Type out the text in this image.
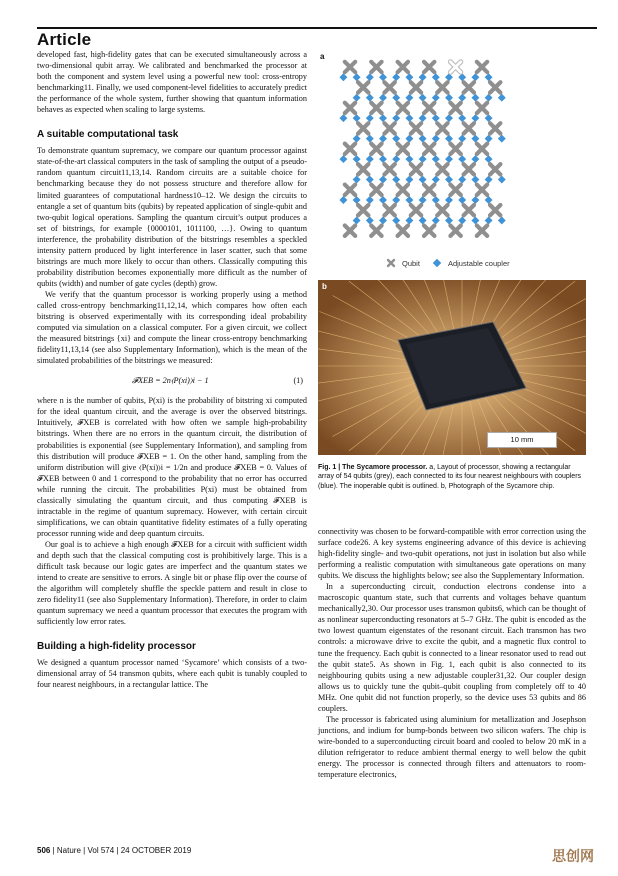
Article

developed fast, high-fidelity gates that can be executed simultaneously across a two-dimensional qubit array. We calibrated and benchmarked the processor at both the component and system level using a powerful new tool: cross-entropy benchmarking11. Finally, we used component-level fidelities to accurately predict the performance of the whole system, further showing that quantum information behaves as expected when scaling to large systems.

A suitable computational task

To demonstrate quantum supremacy, we compare our quantum processor against state-of-the-art classical computers in the task of sampling the output of a pseudo-random quantum circuit11,13,14. Random circuits are a suitable choice for benchmarking because they do not possess structure and therefore allow for limited guarantees of computational hardness10–12. We design the circuits to entangle a set of quantum bits (qubits) by repeated application of single-qubit and two-qubit logical operations. Sampling the quantum circuit’s output produces a set of bitstrings, for example {0000101, 1011100, …}. Owing to quantum interference, the probability distribution of the bitstrings resembles a speckled intensity pattern produced by light interference in laser scatter, such that some bitstrings are much more likely to occur than others. Classically computing this probability distribution becomes exponentially more difficult as the number of qubits (width) and number of gate cycles (depth) grow.

We verify that the quantum processor is working properly using a method called cross-entropy benchmarking11,12,14, which compares how often each bitstring is observed experimentally with its corresponding ideal probability computed via simulation on a classical computer. For a given circuit, we collect the measured bitstrings {xi} and compute the linear cross-entropy benchmarking fidelity11,13,14 (see also Supplementary Information), which is the mean of the simulated probabilities of the bitstrings we measured:

𝓕XEB = 2n⟨P(xi)⟩i − 1	(1)

where n is the number of qubits, P(xi) is the probability of bitstring xi computed for the ideal quantum circuit, and the average is over the observed bitstrings. Intuitively, 𝓕XEB is correlated with how often we sample high-probability bitstrings. When there are no errors in the quantum circuit, the distribution of probabilities is exponential (see Supplementary Information), and sampling from this distribution will produce 𝓕XEB = 1. On the other hand, sampling from the uniform distribution will give ⟨P(xi)⟩i = 1/2n and produce 𝓕XEB = 0. Values of 𝓕XEB between 0 and 1 correspond to the probability that no error has occurred while running the circuit. The probabilities P(xi) must be obtained from classically simulating the quantum circuit, and thus computing 𝓕XEB is intractable in the regime of quantum supremacy. However, with certain circuit simplifications, we can obtain quantitative fidelity estimates of a fully operating processor running wide and deep quantum circuits.

Our goal is to achieve a high enough 𝓕XEB for a circuit with sufficient width and depth such that the classical computing cost is prohibitively large. This is a difficult task because our logic gates are imperfect and the quantum states we intend to create are sensitive to errors. A single bit or phase flip over the course of the algorithm will completely shuffle the speckle pattern and result in close to zero fidelity11 (see also Supplementary Information). Therefore, in order to claim quantum supremacy we need a quantum processor that executes the program with sufficiently low error rates.

Building a high-fidelity processor

We designed a quantum processor named ‘Sycamore’ which consists of a two-dimensional array of 54 transmon qubits, where each qubit is tunably coupled to four nearest neighbours, in a rectangular lattice. The

a
Qubit	Adjustable coupler
b
10 mm
Fig. 1 | The Sycamore processor. a, Layout of processor, showing a rectangular array of 54 qubits (grey), each connected to its four nearest neighbours with couplers (blue). The inoperable qubit is outlined. b, Photograph of the Sycamore chip.

connectivity was chosen to be forward-compatible with error correction using the surface code26. A key systems engineering advance of this device is achieving high-fidelity single- and two-qubit operations, not just in isolation but also while performing a realistic computation with simultaneous gate operations on many qubits. We discuss the highlights below; see also the Supplementary Information.

In a superconducting circuit, conduction electrons condense into a macroscopic quantum state, such that currents and voltages behave quantum mechanically2,30. Our processor uses transmon qubits6, which can be thought of as nonlinear superconducting resonators at 5–7 GHz. The qubit is encoded as the two lowest quantum eigenstates of the resonant circuit. Each transmon has two controls: a microwave drive to excite the qubit, and a magnetic flux control to tune the frequency. Each qubit is connected to a linear resonator used to read out the qubit state5. As shown in Fig. 1, each qubit is also connected to its neighbouring qubits using a new adjustable coupler31,32. Our coupler design allows us to quickly tune the qubit–qubit coupling from completely off to 40 MHz. One qubit did not function properly, so the device uses 53 qubits and 86 couplers.

The processor is fabricated using aluminium for metallization and Josephson junctions, and indium for bump-bonds between two silicon wafers. The chip is wire-bonded to a superconducting circuit board and cooled to below 20 mK in a dilution refrigerator to reduce ambient thermal energy to well below the qubit energy. The processor is connected through filters and attenuators to room-temperature electronics,

506 | Nature | Vol 574 | 24 OCTOBER 2019	思创网
